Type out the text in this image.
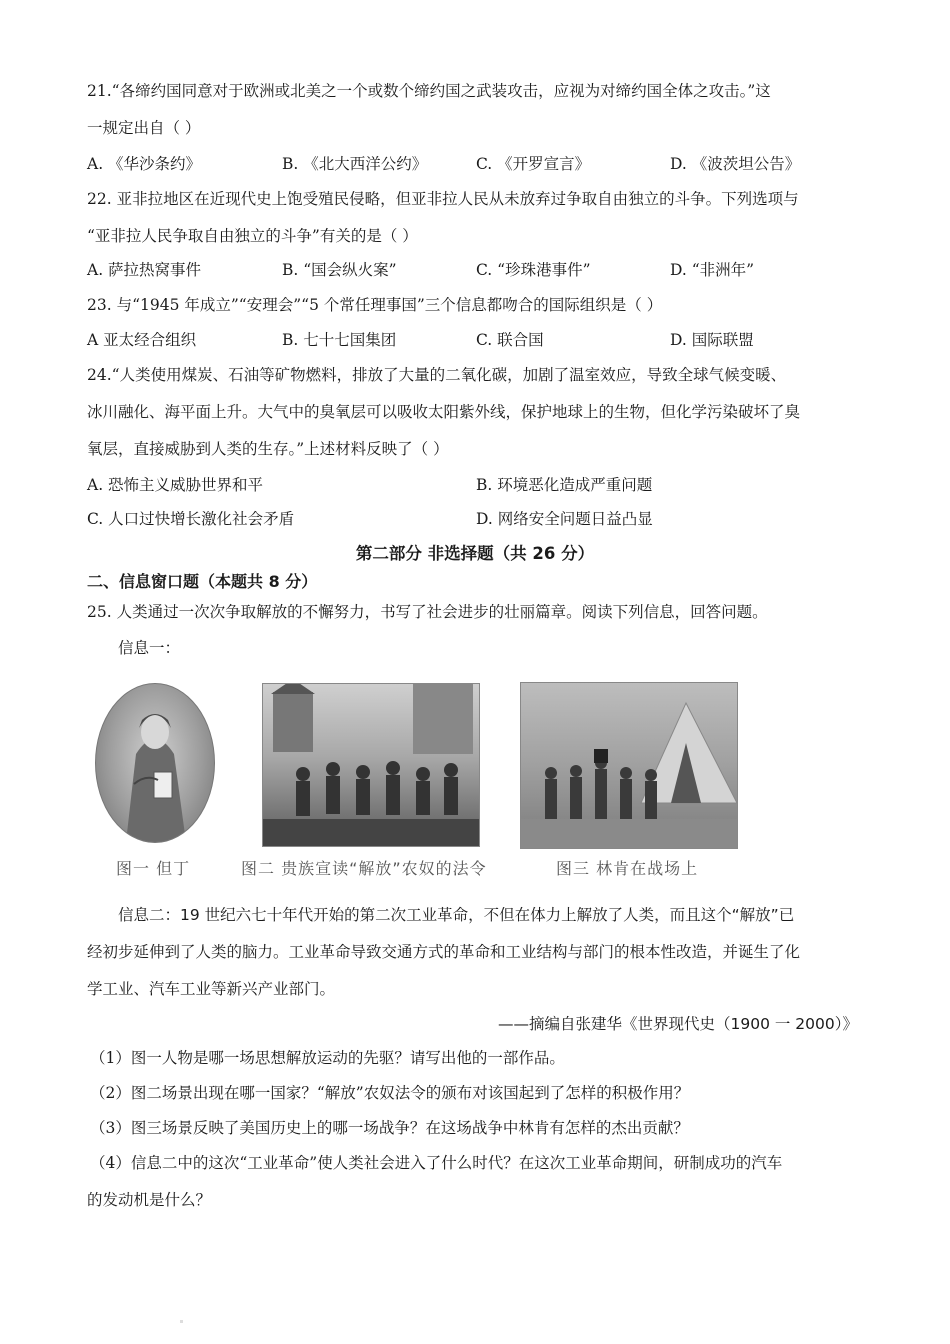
21.“各缔约国同意对于欧洲或北美之一个或数个缔约国之武装攻击，应视为对缔约国全体之攻击。”这
一规定出自（ ）
A. 《华沙条约》	B. 《北大西洋公约》	C. 《开罗宣言》	D. 《波茨坦公告》
22. 亚非拉地区在近现代史上饱受殖民侵略，但亚非拉人民从未放弃过争取自由独立的斗争。下列选项与
“亚非拉人民争取自由独立的斗争”有关的是（ ）
A. 萨拉热窝事件	B. “国会纵火案”	C. “珍珠港事件”	D. “非洲年”
23. 与“1945 年成立”“安理会”“5 个常任理事国”三个信息都吻合的国际组织是（ ）
A 亚太经合组织	B. 七十七国集团	C. 联合国	D. 国际联盟
24.“人类使用煤炭、石油等矿物燃料，排放了大量的二氧化碳，加剧了温室效应，导致全球气候变暖、
冰川融化、海平面上升。大气中的臭氧层可以吸收太阳紫外线，保护地球上的生物，但化学污染破坏了臭
氧层，直接威胁到人类的生存。”上述材料反映了（ ）
A. 恐怖主义威胁世界和平	B. 环境恶化造成严重问题
C. 人口过快增长激化社会矛盾	D. 网络安全问题日益凸显
第二部分 非选择题（共 26 分）
二、信息窗口题（本题共 8 分）
25. 人类通过一次次争取解放的不懈努力，书写了社会进步的壮丽篇章。阅读下列信息，回答问题。
信息一：
图一 但丁	图二 贵族宣读“解放”农奴的法令	图三 林肯在战场上
信息二：19 世纪六七十年代开始的第二次工业革命，不但在体力上解放了人类，而且这个“解放”已
经初步延伸到了人类的脑力。工业革命导致交通方式的革命和工业结构与部门的根本性改造，并诞生了化
学工业、汽车工业等新兴产业部门。
——摘编自张建华《世界现代史（1900 一 2000）》
（1）图一人物是哪一场思想解放运动的先驱？请写出他的一部作品。
（2）图二场景出现在哪一国家？“解放”农奴法令的颁布对该国起到了怎样的积极作用？
（3）图三场景反映了美国历史上的哪一场战争？在这场战争中林肯有怎样的杰出贡献？
（4）信息二中的这次“工业革命”使人类社会进入了什么时代？在这次工业革命期间，研制成功的汽车
的发动机是什么？
